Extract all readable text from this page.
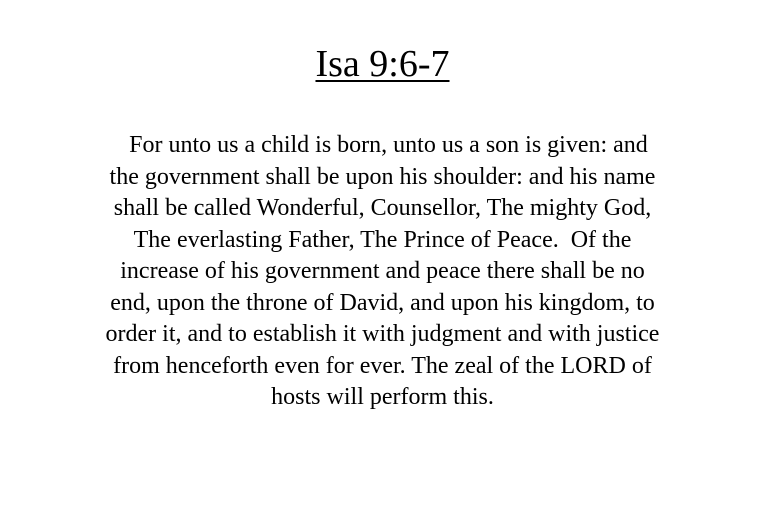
Isa 9:6-7

For unto us a child is born, unto us a son is given: and
the government shall be upon his shoulder: and his name
shall be called Wonderful, Counsellor, The mighty God,
The everlasting Father, The Prince of Peace.  Of the
increase of his government and peace there shall be no
end, upon the throne of David, and upon his kingdom, to
order it, and to establish it with judgment and with justice
from henceforth even for ever. The zeal of the LORD of
hosts will perform this.
